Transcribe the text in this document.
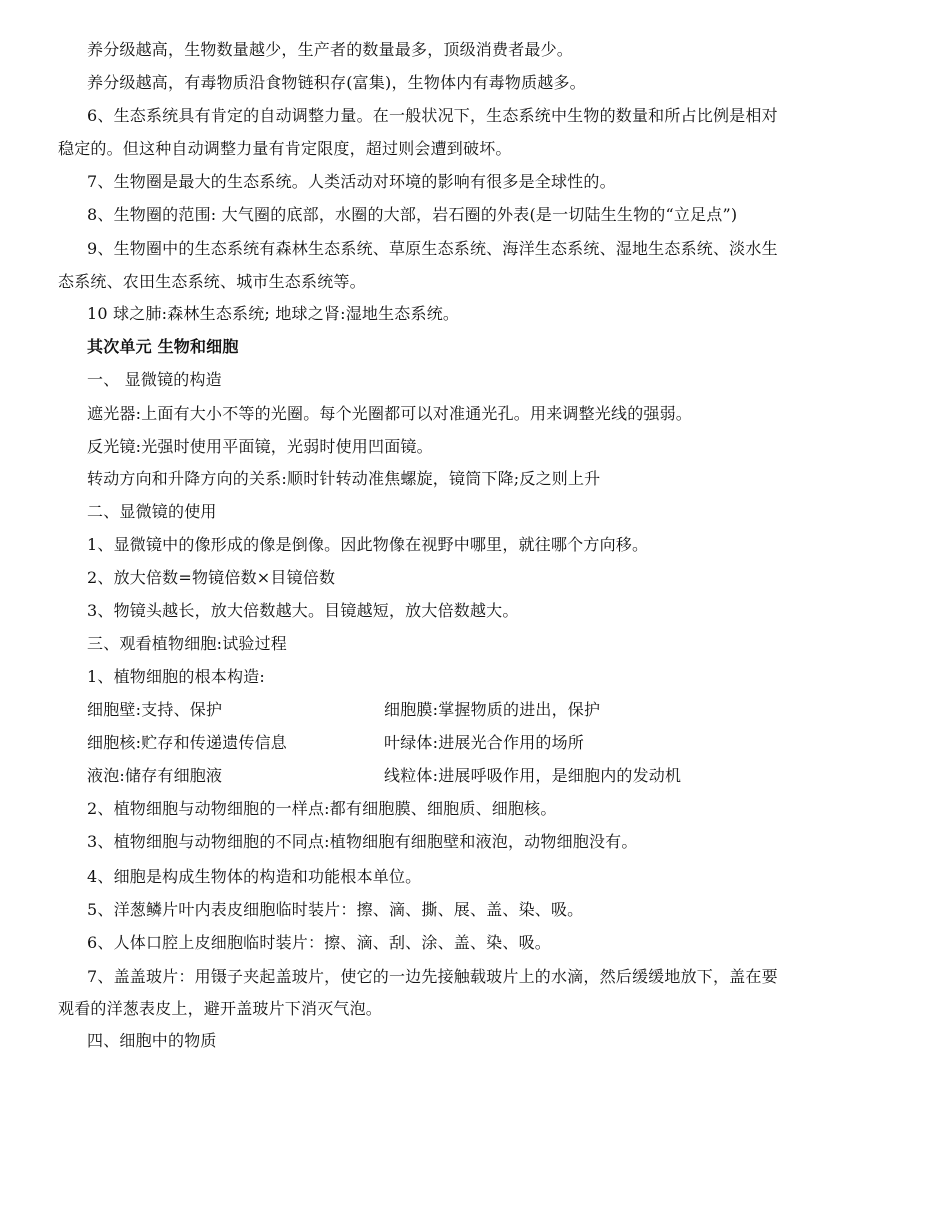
养分级越高，生物数量越少，生产者的数量最多，顶级消费者最少。
养分级越高，有毒物质沿食物链积存(富集)，生物体内有毒物质越多。
6、生态系统具有肯定的自动调整力量。在一般状况下，生态系统中生物的数量和所占比例是相对
稳定的。但这种自动调整力量有肯定限度，超过则会遭到破坏。
7、生物圈是最大的生态系统。人类活动对环境的影响有很多是全球性的。
8、生物圈的范围: 大气圈的底部，水圈的大部，岩石圈的外表(是一切陆生生物的“立足点”)
9、生物圈中的生态系统有森林生态系统、草原生态系统、海洋生态系统、湿地生态系统、淡水生
态系统、农田生态系统、城市生态系统等。
10 球之肺:森林生态系统; 地球之肾:湿地生态系统。
其次单元 生物和细胞
一、 显微镜的构造
遮光器:上面有大小不等的光圈。每个光圈都可以对准通光孔。用来调整光线的强弱。
反光镜:光强时使用平面镜，光弱时使用凹面镜。
转动方向和升降方向的关系:顺时针转动准焦螺旋，镜筒下降;反之则上升
二、显微镜的使用
1、显微镜中的像形成的像是倒像。因此物像在视野中哪里，就往哪个方向移。
2、放大倍数=物镜倍数×目镜倍数
3、物镜头越长，放大倍数越大。目镜越短，放大倍数越大。
三、观看植物细胞:试验过程
1、植物细胞的根本构造:
细胞壁:支持、保护	细胞膜:掌握物质的进出，保护
细胞核:贮存和传递遗传信息	叶绿体:进展光合作用的场所
液泡:储存有细胞液	线粒体:进展呼吸作用，是细胞内的发动机
2、植物细胞与动物细胞的一样点:都有细胞膜、细胞质、细胞核。
3、植物细胞与动物细胞的不同点:植物细胞有细胞壁和液泡，动物细胞没有。
4、细胞是构成生物体的构造和功能根本单位。
5、洋葱鳞片叶内表皮细胞临时装片：擦、滴、撕、展、盖、染、吸。
6、人体口腔上皮细胞临时装片：擦、滴、刮、涂、盖、染、吸。
7、盖盖玻片：用镊子夹起盖玻片，使它的一边先接触载玻片上的水滴，然后缓缓地放下，盖在要
观看的洋葱表皮上，避开盖玻片下消灭气泡。
四、细胞中的物质
